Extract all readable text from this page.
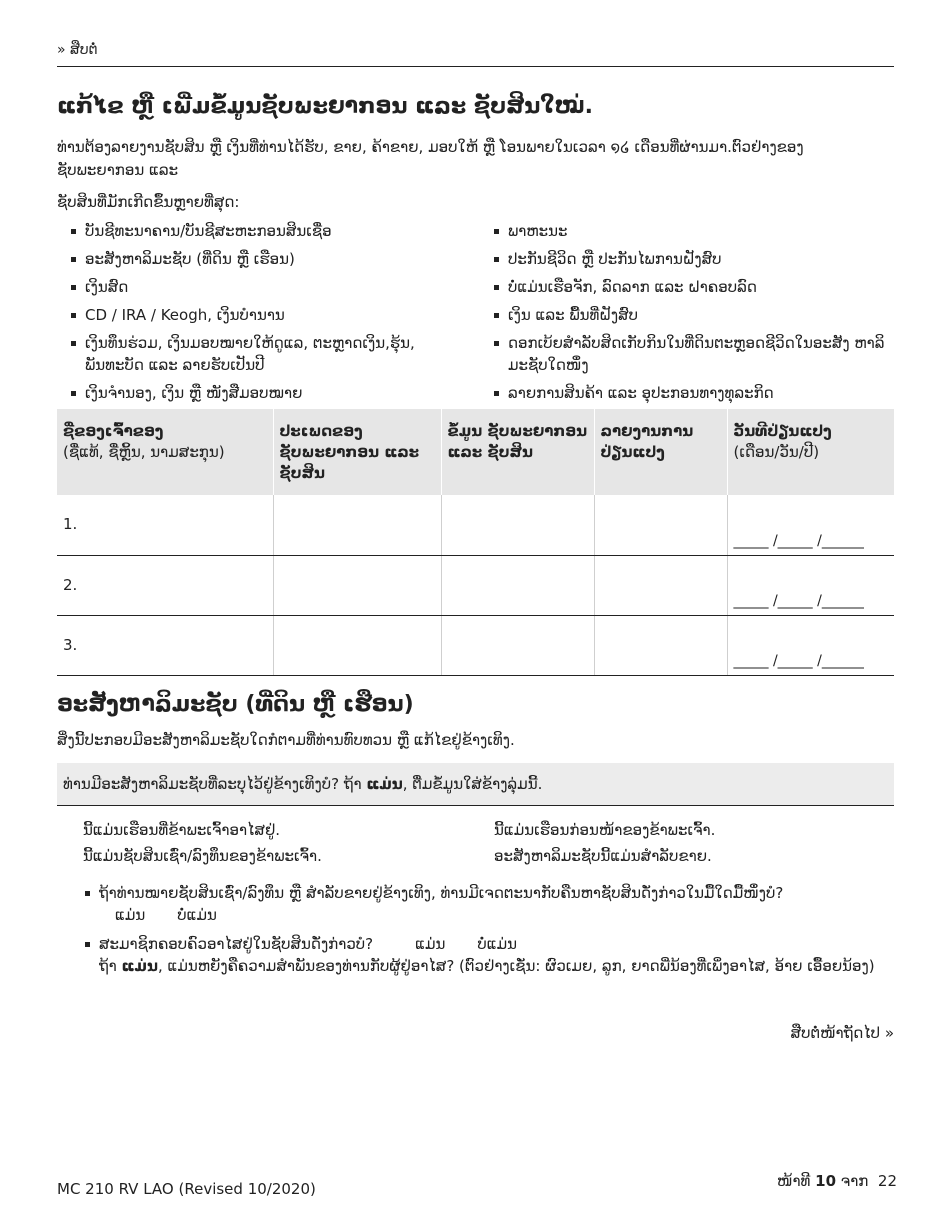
» ສືບຕໍ່
ແກ້ໄຂ ຫຼື ເພີ່ມຂໍ້ມູນຊັບພະຍາກອນ ແລະ ຊັບສິນໃໝ່.
ທ່ານຕ້ອງລາຍງານຊັບສິນ ຫຼື ເງິນທີ່ທ່ານໄດ້ຮັບ, ຂາຍ, ຄ້າຂາຍ, ມອບໃຫ້ ຫຼື ໂອນພາຍໃນເວລາ ໑໒ ເດືອນທີ່ຜ່ານມາ.ຕົວຢ່າງຂອງ ຊັບພະຍາກອນ ແລະ
ຊັບສິນທີ່ມັກເກີດຂຶ້ນຫຼາຍທີ່ສຸດ:
ບັນຊີທະນາຄານ/ບັນຊີສະຫະກອນສິນເຊື່ອ
ອະສັງຫາລິມະຊັບ (ທີ່ດິນ ຫຼື ເຮືອນ)
ເງິນສົດ
CD / IRA / Keogh, ເງິນບໍານານ
ເງິນທຶນຮ່ວມ, ເງິນມອບໝາຍໃຫ້ດູແລ, ຕະຫຼາດເງິນ,ຮຸ້ນ, ພັນທະບັດ ແລະ ລາຍຮັບເປັນປີ
ເງິນຈໍານອງ, ເງິນ ຫຼື ໜັງສືມອບໝາຍ
ພາຫະນະ
ປະກັນຊີວິດ ຫຼື ປະກັນໄພການຝັງສົບ
ບໍ່ແມ່ນເຮືອຈັກ, ລົດລາກ ແລະ ຝາຄອບລົດ
ເງິນ ແລະ ພື້ນທີ່ຝັງສົບ
ດອກເບ້ຍສໍາລັບສິດເກັບກິນໃນທີ່ດິນຕະຫຼອດຊີວິດໃນອະສັງ ຫາລິມະຊັບໃດໜຶ່ງ
ລາຍການສິນຄ້າ ແລະ ອຸປະກອນທາງທຸລະກິດ
ຊື່ຂອງເຈົ້າຂອງ
(ຊື່ແທ້, ຊື່ຫຼິ້ນ, ນາມສະກຸນ)	ປະເພດຂອງ ຊັບພະຍາກອນ ແລະ ຊັບສິນ	ຂໍ້ມູນ ຊັບພະຍາກອນ ແລະ ຊັບສິນ	ລາຍງານການ ປ່ຽນແປງ	ວັນທີປ່ຽນແປງ
(ເດືອນ/ວັນ/ປີ)
1.				_____ /_____ /______
2.				_____ /_____ /______
3.				_____ /_____ /______
ອະສັງຫາລິມະຊັບ (ທີ່ດິນ ຫຼື ເຮືອນ)
ສິ່ງນີ້ປະກອບມີອະສັງຫາລິມະຊັບໃດກໍຕາມທີ່ທ່ານທົບທວນ ຫຼື ແກ້ໄຂຢູ່ຂ້າງເທິງ.
ທ່ານມີອະສັງຫາລິມະຊັບທີ່ລະບຸໄວ້ຢູ່ຂ້າງເທິງບໍ? ຖ້າ ແມ່ນ, ຕື່ມຂໍ້ມູນໃສ່ຂ້າງລຸ່ມນີ້.
ນີ້ແມ່ນເຮືອນທີ່ຂ້າພະເຈົ້າອາໄສຢູ່.
ນີ້ແມ່ນຊັບສິນເຊົ່າ/ລົງທຶນຂອງຂ້າພະເຈົ້າ.
ນີ້ແມ່ນເຮືອນກ່ອນໜ້າຂອງຂ້າພະເຈົ້າ.
ອະສັງຫາລິມະຊັບນີ້ແມ່ນສໍາລັບຂາຍ.
ຖ້າທ່ານໝາຍຊັບສິນເຊົ່າ/ລົງທຶນ ຫຼື ສໍາລັບຂາຍຢູ່ຂ້າງເທິງ, ທ່ານມີເຈດຕະນາກັບຄືນຫາຊັບສິນດັ່ງກ່າວໃນມື້ໃດມື້ໜຶ່ງບໍ?
ແມ່ນ ບໍ່ແມ່ນ
ສະມາຊິກຄອບຄົວອາໄສຢູ່ໃນຊັບສິນດັ່ງກ່າວບໍ?	ແມ່ນ ບໍ່ແມ່ນ
ຖ້າ ແມ່ນ, ແມ່ນຫຍັງຄືຄວາມສໍາພັນຂອງທ່ານກັບຜູ້ຢູ່ອາໄສ? (ຕົວຢ່າງເຊັ່ນ: ຜົວເມຍ, ລູກ, ຍາດພີ່ນ້ອງທີ່ເພິ່ງອາໄສ, ອ້າຍ ເອື້ອຍນ້ອງ)
ສືບຕໍ່ໜ້າຖັດໄປ »
MC 210 RV LAO (Revised 10/2020)	ໜ້າທີ 10 ຈາກ 22
